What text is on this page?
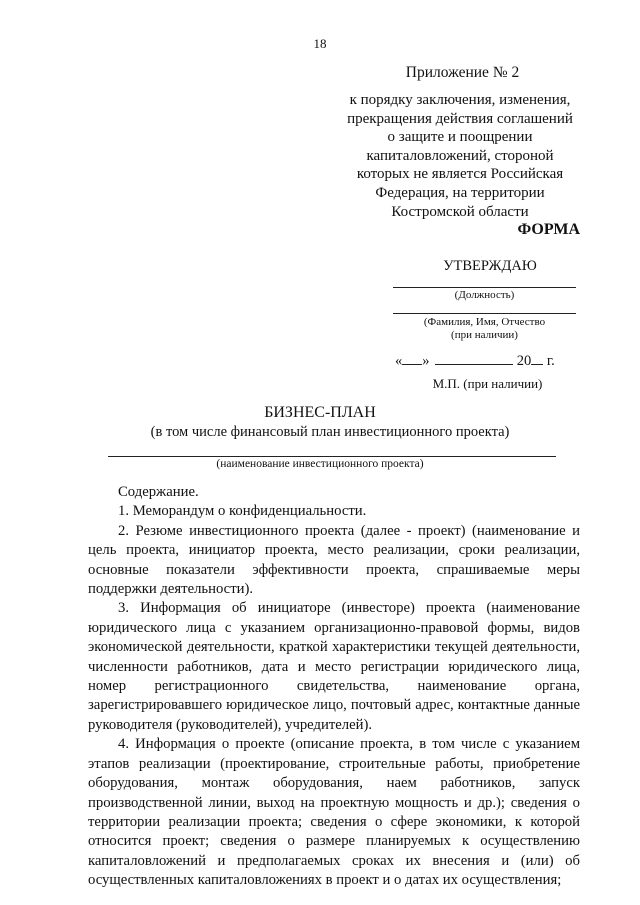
18
Приложение № 2
к порядку заключения, изменения,
прекращения действия соглашений
о защите и поощрении
капиталовложений, стороной
которых не является Российская
Федерация, на территории
Костромской области
ФОРМА
УТВЕРЖДАЮ
(Должность)
(Фамилия, Имя, Отчество
(при наличии)
« »	20 г.
М.П. (при наличии)
БИЗНЕС-ПЛАН
(в том числе финансовый план инвестиционного проекта)
(наименование инвестиционного проекта)

Содержание.

1. Меморандум о конфиденциальности.

2. Резюме инвестиционного проекта (далее - проект) (наименование и цель проекта, инициатор проекта, место реализации, сроки реализации, основные показатели эффективности проекта, спрашиваемые меры поддержки деятельности).

3. Информация об инициаторе (инвесторе) проекта (наименование юридического лица с указанием организационно-правовой формы, видов экономической деятельности, краткой характеристики текущей деятельности, численности работников, дата и место регистрации юридического лица, номер регистрационного свидетельства, наименование органа, зарегистрировавшего юридическое лицо, почтовый адрес, контактные данные руководителя (руководителей), учредителей).

4. Информация о проекте (описание проекта, в том числе с указанием этапов реализации (проектирование, строительные работы, приобретение оборудования, монтаж оборудования, наем работников, запуск производственной линии, выход на проектную мощность и др.); сведения о территории реализации проекта; сведения о сфере экономики, к которой относится проект; сведения о размере планируемых к осуществлению капиталовложений и предполагаемых сроках их внесения и (или) об осуществленных капиталовложениях в проект и о датах их осуществления;
